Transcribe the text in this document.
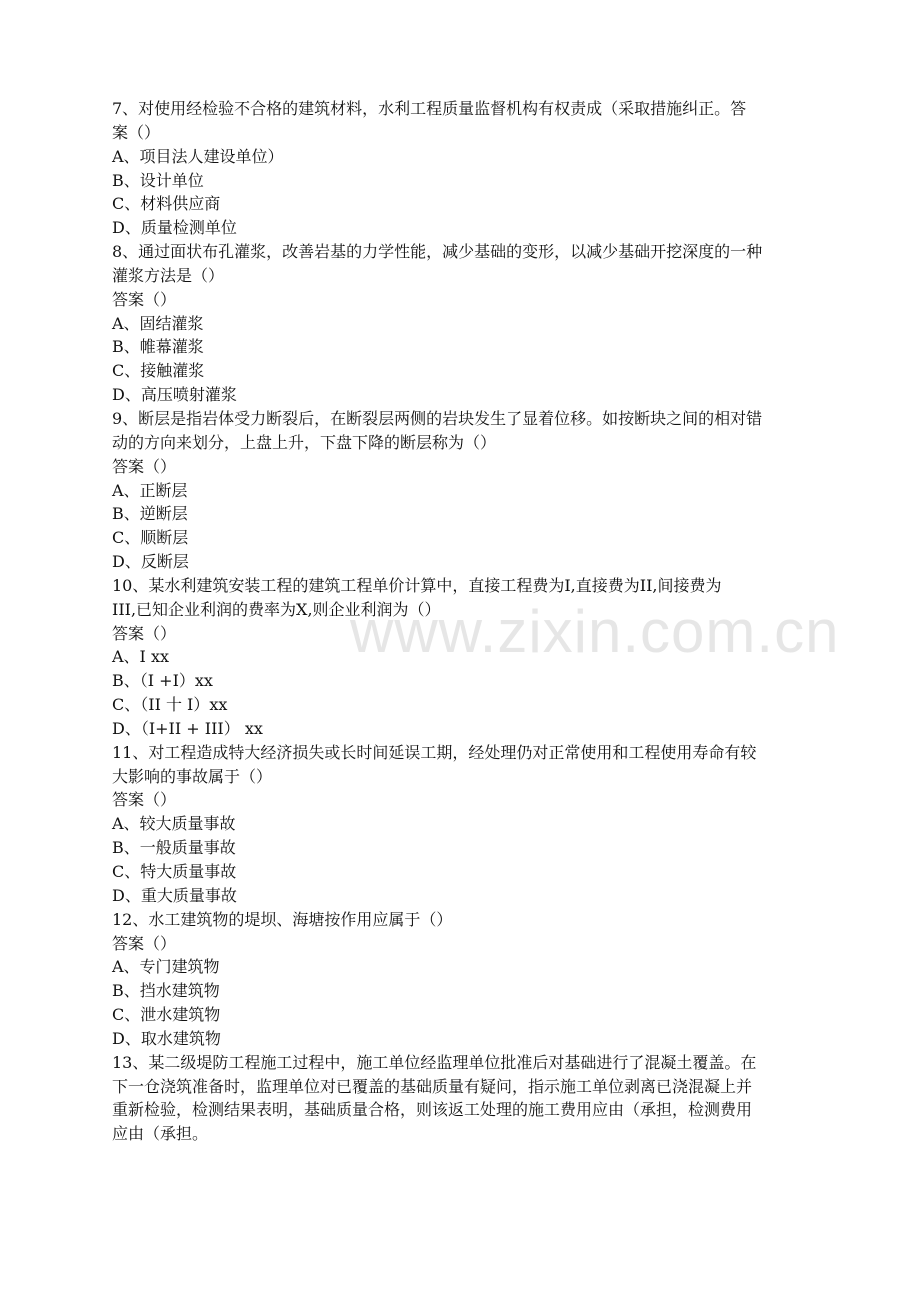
www.zixin.com.cn
7、对使用经检验不合格的建筑材料，水利工程质量监督机构有权责成（采取措施纠正。答
案（）
A、项目法人建设单位）
B、设计单位
C、材料供应商
D、质量检测单位
8、通过面状布孔灌浆，改善岩基的力学性能，减少基础的变形，以减少基础开挖深度的一种
灌浆方法是（）
答案（）
A、固结灌浆
B、帷幕灌浆
C、接触灌浆
D、高压喷射灌浆
9、断层是指岩体受力断裂后，在断裂层两侧的岩块发生了显着位移。如按断块之间的相对错
动的方向来划分，上盘上升，下盘下降的断层称为（）
答案（）
A、正断层
B、逆断层
C、顺断层
D、反断层
10、某水利建筑安装工程的建筑工程单价计算中，直接工程费为I,直接费为II,间接费为
III,已知企业利润的费率为X,则企业利润为（）
答案（）
A、I xx
B、（I +I）xx
C、（II 十 I）xx
D、（I+II + III） xx
11、对工程造成特大经济损失或长时间延误工期，经处理仍对正常使用和工程使用寿命有较
大影响的事故属于（）
答案（）
A、较大质量事故
B、一般质量事故
C、特大质量事故
D、重大质量事故
12、水工建筑物的堤坝、海塘按作用应属于（）
答案（）
A、专门建筑物
B、挡水建筑物
C、泄水建筑物
D、取水建筑物
13、某二级堤防工程施工过程中，施工单位经监理单位批准后对基础进行了混凝土覆盖。在
下一仓浇筑准备时，监理单位对已覆盖的基础质量有疑问，指示施工单位剥离已浇混凝上并
重新检验，检测结果表明，基础质量合格，则该返工处理的施工费用应由（承担，检测费用
应由（承担。
